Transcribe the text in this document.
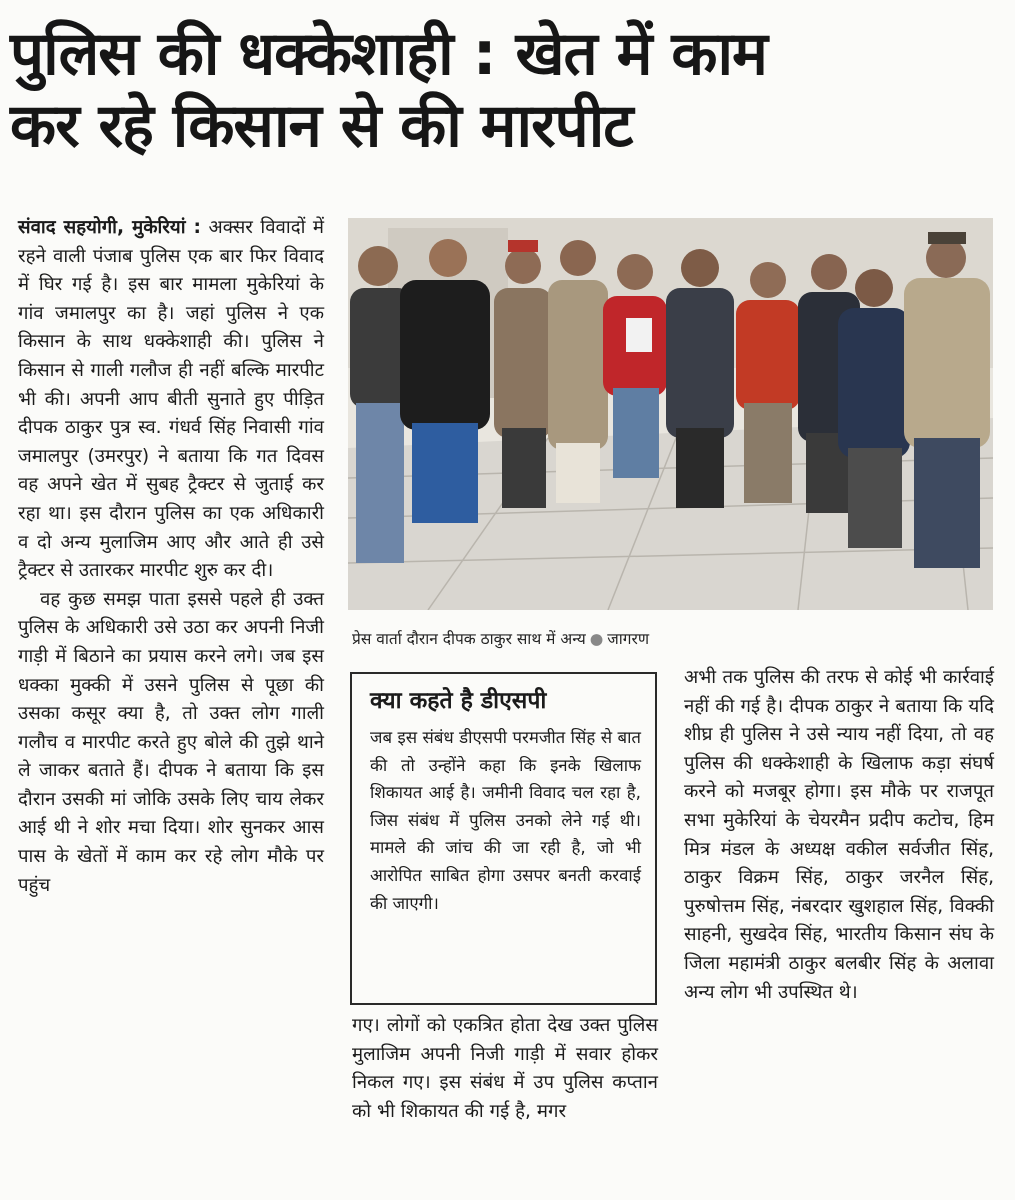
पुलिस की धक्केशाही : खेत में काम
कर रहे किसान से की मारपीट

संवाद सहयोगी, मुकेरियां : अक्सर विवादों में रहने वाली पंजाब पुलिस एक बार फिर विवाद में घिर गई है। इस बार मामला मुकेरियां के गांव जमालपुर का है। जहां पुलिस ने एक किसान के साथ धक्केशाही की। पुलिस ने किसान से गाली गलौज ही नहीं बल्कि मारपीट भी की। अपनी आप बीती सुनाते हुए पीड़ित दीपक ठाकुर पुत्र स्व. गंधर्व सिंह निवासी गांव जमालपुर (उमरपुर) ने बताया कि गत दिवस वह अपने खेत में सुबह ट्रैक्टर से जुताई कर रहा था। इस दौरान पुलिस का एक अधिकारी व दो अन्य मुलाजिम आए और आते ही उसे ट्रैक्टर से उतारकर मारपीट शुरु कर दी।

वह कुछ समझ पाता इससे पहले ही उक्त पुलिस के अधिकारी उसे उठा कर अपनी निजी गाड़ी में बिठाने का प्रयास करने लगे। जब इस धक्का मुक्की में उसने पुलिस से पूछा की उसका कसूर क्या है, तो उक्त लोग गाली गलौच व मारपीट करते हुए बोले की तुझे थाने ले जाकर बताते हैं। दीपक ने बताया कि इस दौरान उसकी मां जोकि उसके लिए चाय लेकर आई थी ने शोर मचा दिया। शोर सुनकर आस पास के खेतों में काम कर रहे लोग मौके पर पहुंच

प्रेस वार्ता दौरान दीपक ठाकुर साथ में अन्य ● जागरण
क्या कहते है डीएसपी

जब इस संबंध डीएसपी परमजीत सिंह से बात की तो उन्होंने कहा कि इनके खिलाफ शिकायत आई है। जमीनी विवाद चल रहा है, जिस संबंध में पुलिस उनको लेने गई थी। मामले की जांच की जा रही है, जो भी आरोपित साबित होगा उसपर बनती करवाई की जाएगी।

गए। लोगों को एकत्रित होता देख उक्त पुलिस मुलाजिम अपनी निजी गाड़ी में सवार होकर निकल गए। इस संबंध में उप पुलिस कप्तान को भी शिकायत की गई है, मगर

अभी तक पुलिस की तरफ से कोई भी कार्रवाई नहीं की गई है। दीपक ठाकुर ने बताया कि यदि शीघ्र ही पुलिस ने उसे न्याय नहीं दिया, तो वह पुलिस की धक्केशाही के खिलाफ कड़ा संघर्ष करने को मजबूर होगा। इस मौके पर राजपूत सभा मुकेरियां के चेयरमैन प्रदीप कटोच, हिम मित्र मंडल के अध्यक्ष वकील सर्वजीत सिंह, ठाकुर विक्रम सिंह, ठाकुर जरनैल सिंह, पुरुषोत्तम सिंह, नंबरदार खुशहाल सिंह, विक्की साहनी, सुखदेव सिंह, भारतीय किसान संघ के जिला महामंत्री ठाकुर बलबीर सिंह के अलावा अन्य लोग भी उपस्थित थे।
